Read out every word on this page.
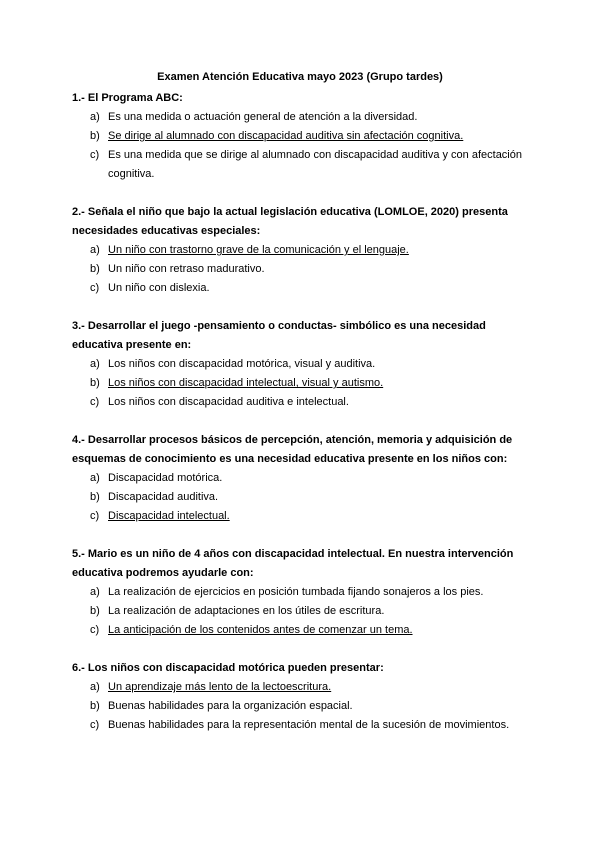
Examen Atención Educativa mayo 2023 (Grupo tardes)
1.- El Programa ABC:
a) Es una medida o actuación general de atención a la diversidad.
b) Se dirige al alumnado con discapacidad auditiva sin afectación cognitiva.
c) Es una medida que se dirige al alumnado con discapacidad auditiva y con afectación cognitiva.
2.- Señala el niño que bajo la actual legislación educativa (LOMLOE, 2020) presenta necesidades educativas especiales:
a) Un niño con trastorno grave de la comunicación y el lenguaje.
b) Un niño con retraso madurativo.
c) Un niño con dislexia.
3.- Desarrollar el juego -pensamiento o conductas- simbólico es una necesidad educativa presente en:
a) Los niños con discapacidad motórica, visual y auditiva.
b) Los niños con discapacidad intelectual, visual y autismo.
c) Los niños con discapacidad auditiva e intelectual.
4.- Desarrollar procesos básicos de percepción, atención, memoria y adquisición de esquemas de conocimiento es una necesidad educativa presente en los niños con:
a) Discapacidad motórica.
b) Discapacidad auditiva.
c) Discapacidad intelectual.
5.- Mario es un niño de 4 años con discapacidad intelectual. En nuestra intervención educativa podremos ayudarle con:
a) La realización de ejercicios en posición tumbada fijando sonajeros a los pies.
b) La realización de adaptaciones en los útiles de escritura.
c) La anticipación de los contenidos antes de comenzar un tema.
6.- Los niños con discapacidad motórica pueden presentar:
a) Un aprendizaje más lento de la lectoescritura.
b) Buenas habilidades para la organización espacial.
c) Buenas habilidades para la representación mental de la sucesión de movimientos.
